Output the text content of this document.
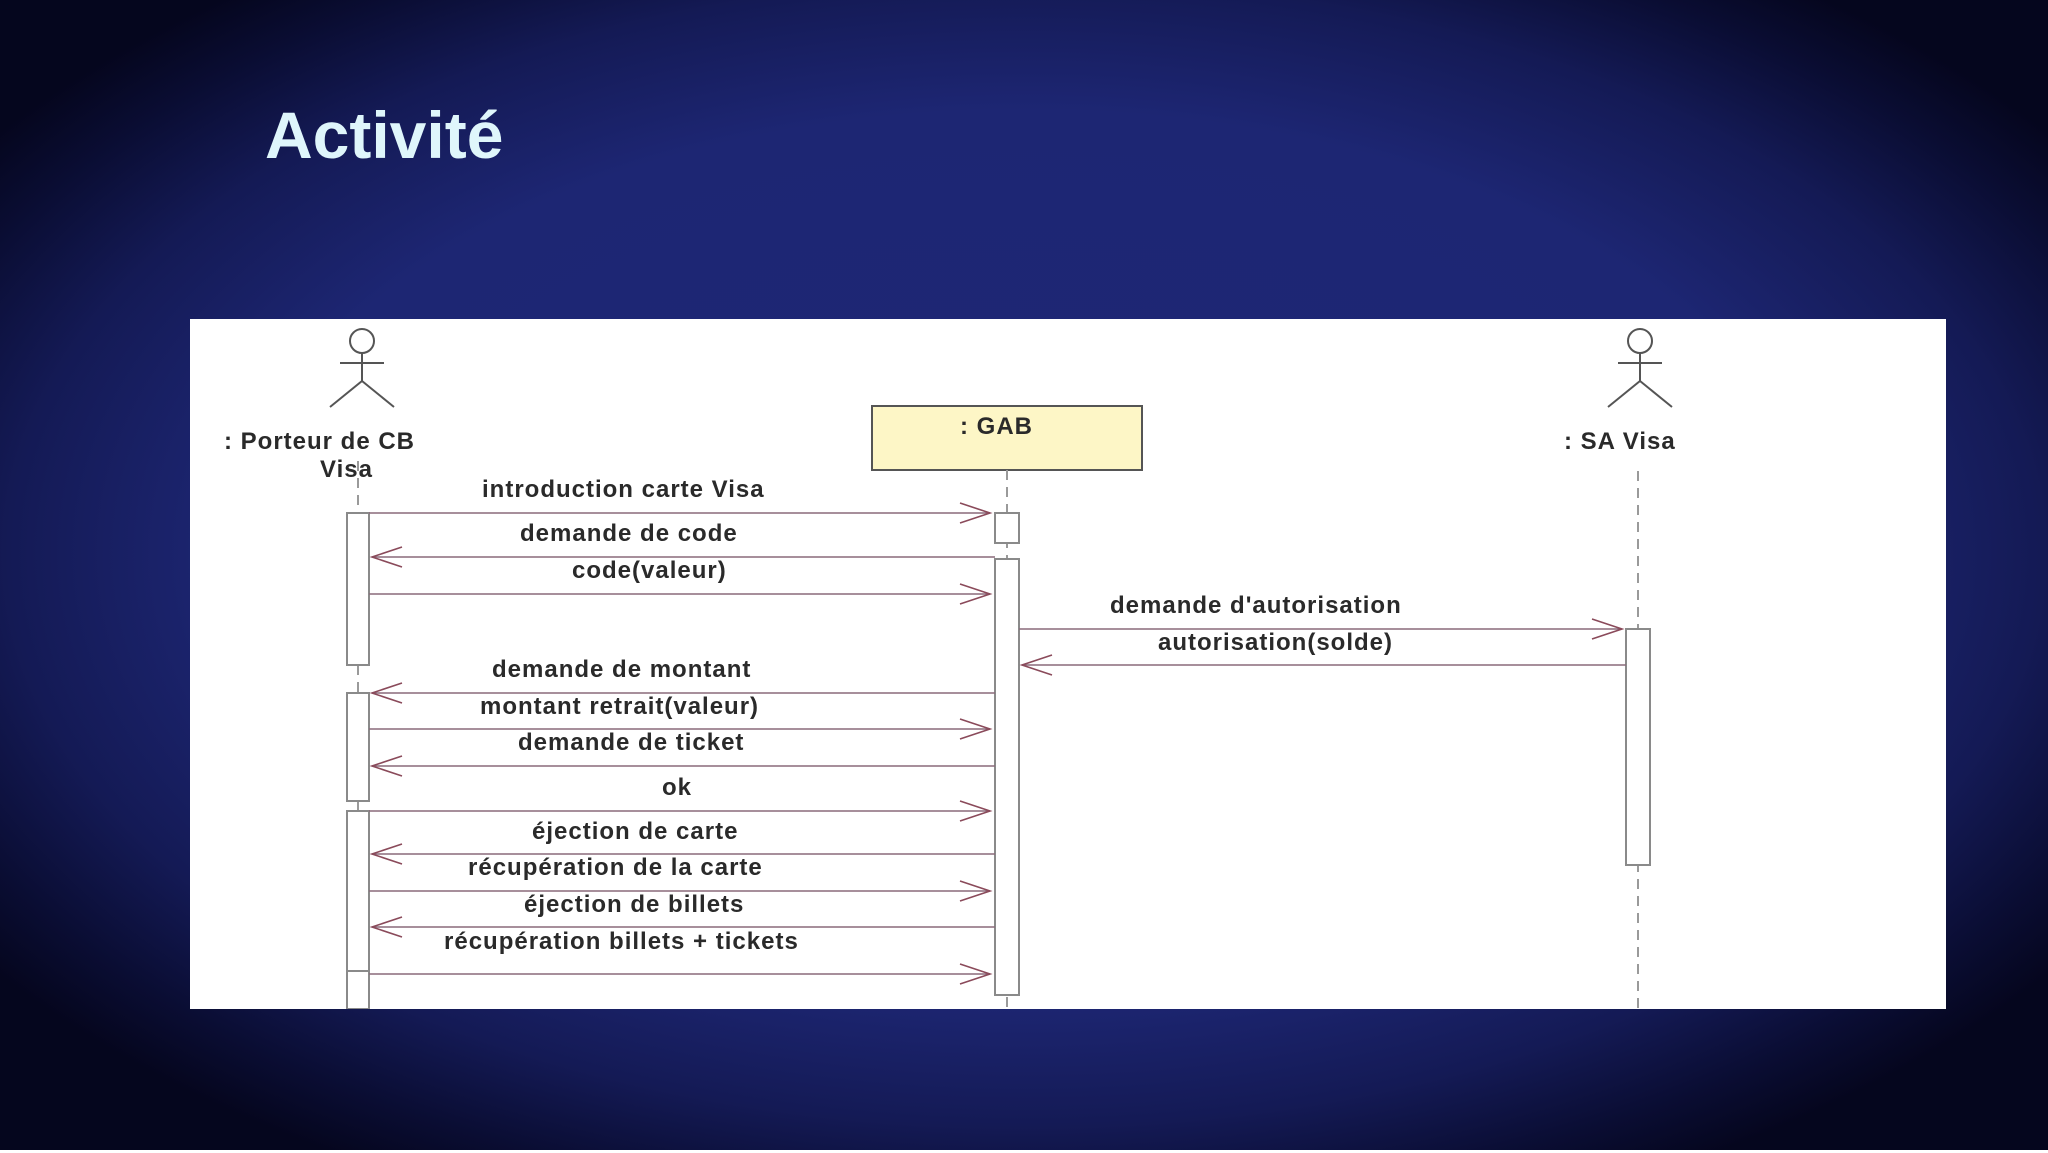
Activité
: Porteur de CB
Visa
: SA Visa
: GAB
introduction carte Visa
demande de code
code(valeur)
demande d'autorisation
autorisation(solde)
demande de montant
montant retrait(valeur)
demande de ticket
ok
éjection de carte
récupération de la carte
éjection de billets
récupération billets + tickets
